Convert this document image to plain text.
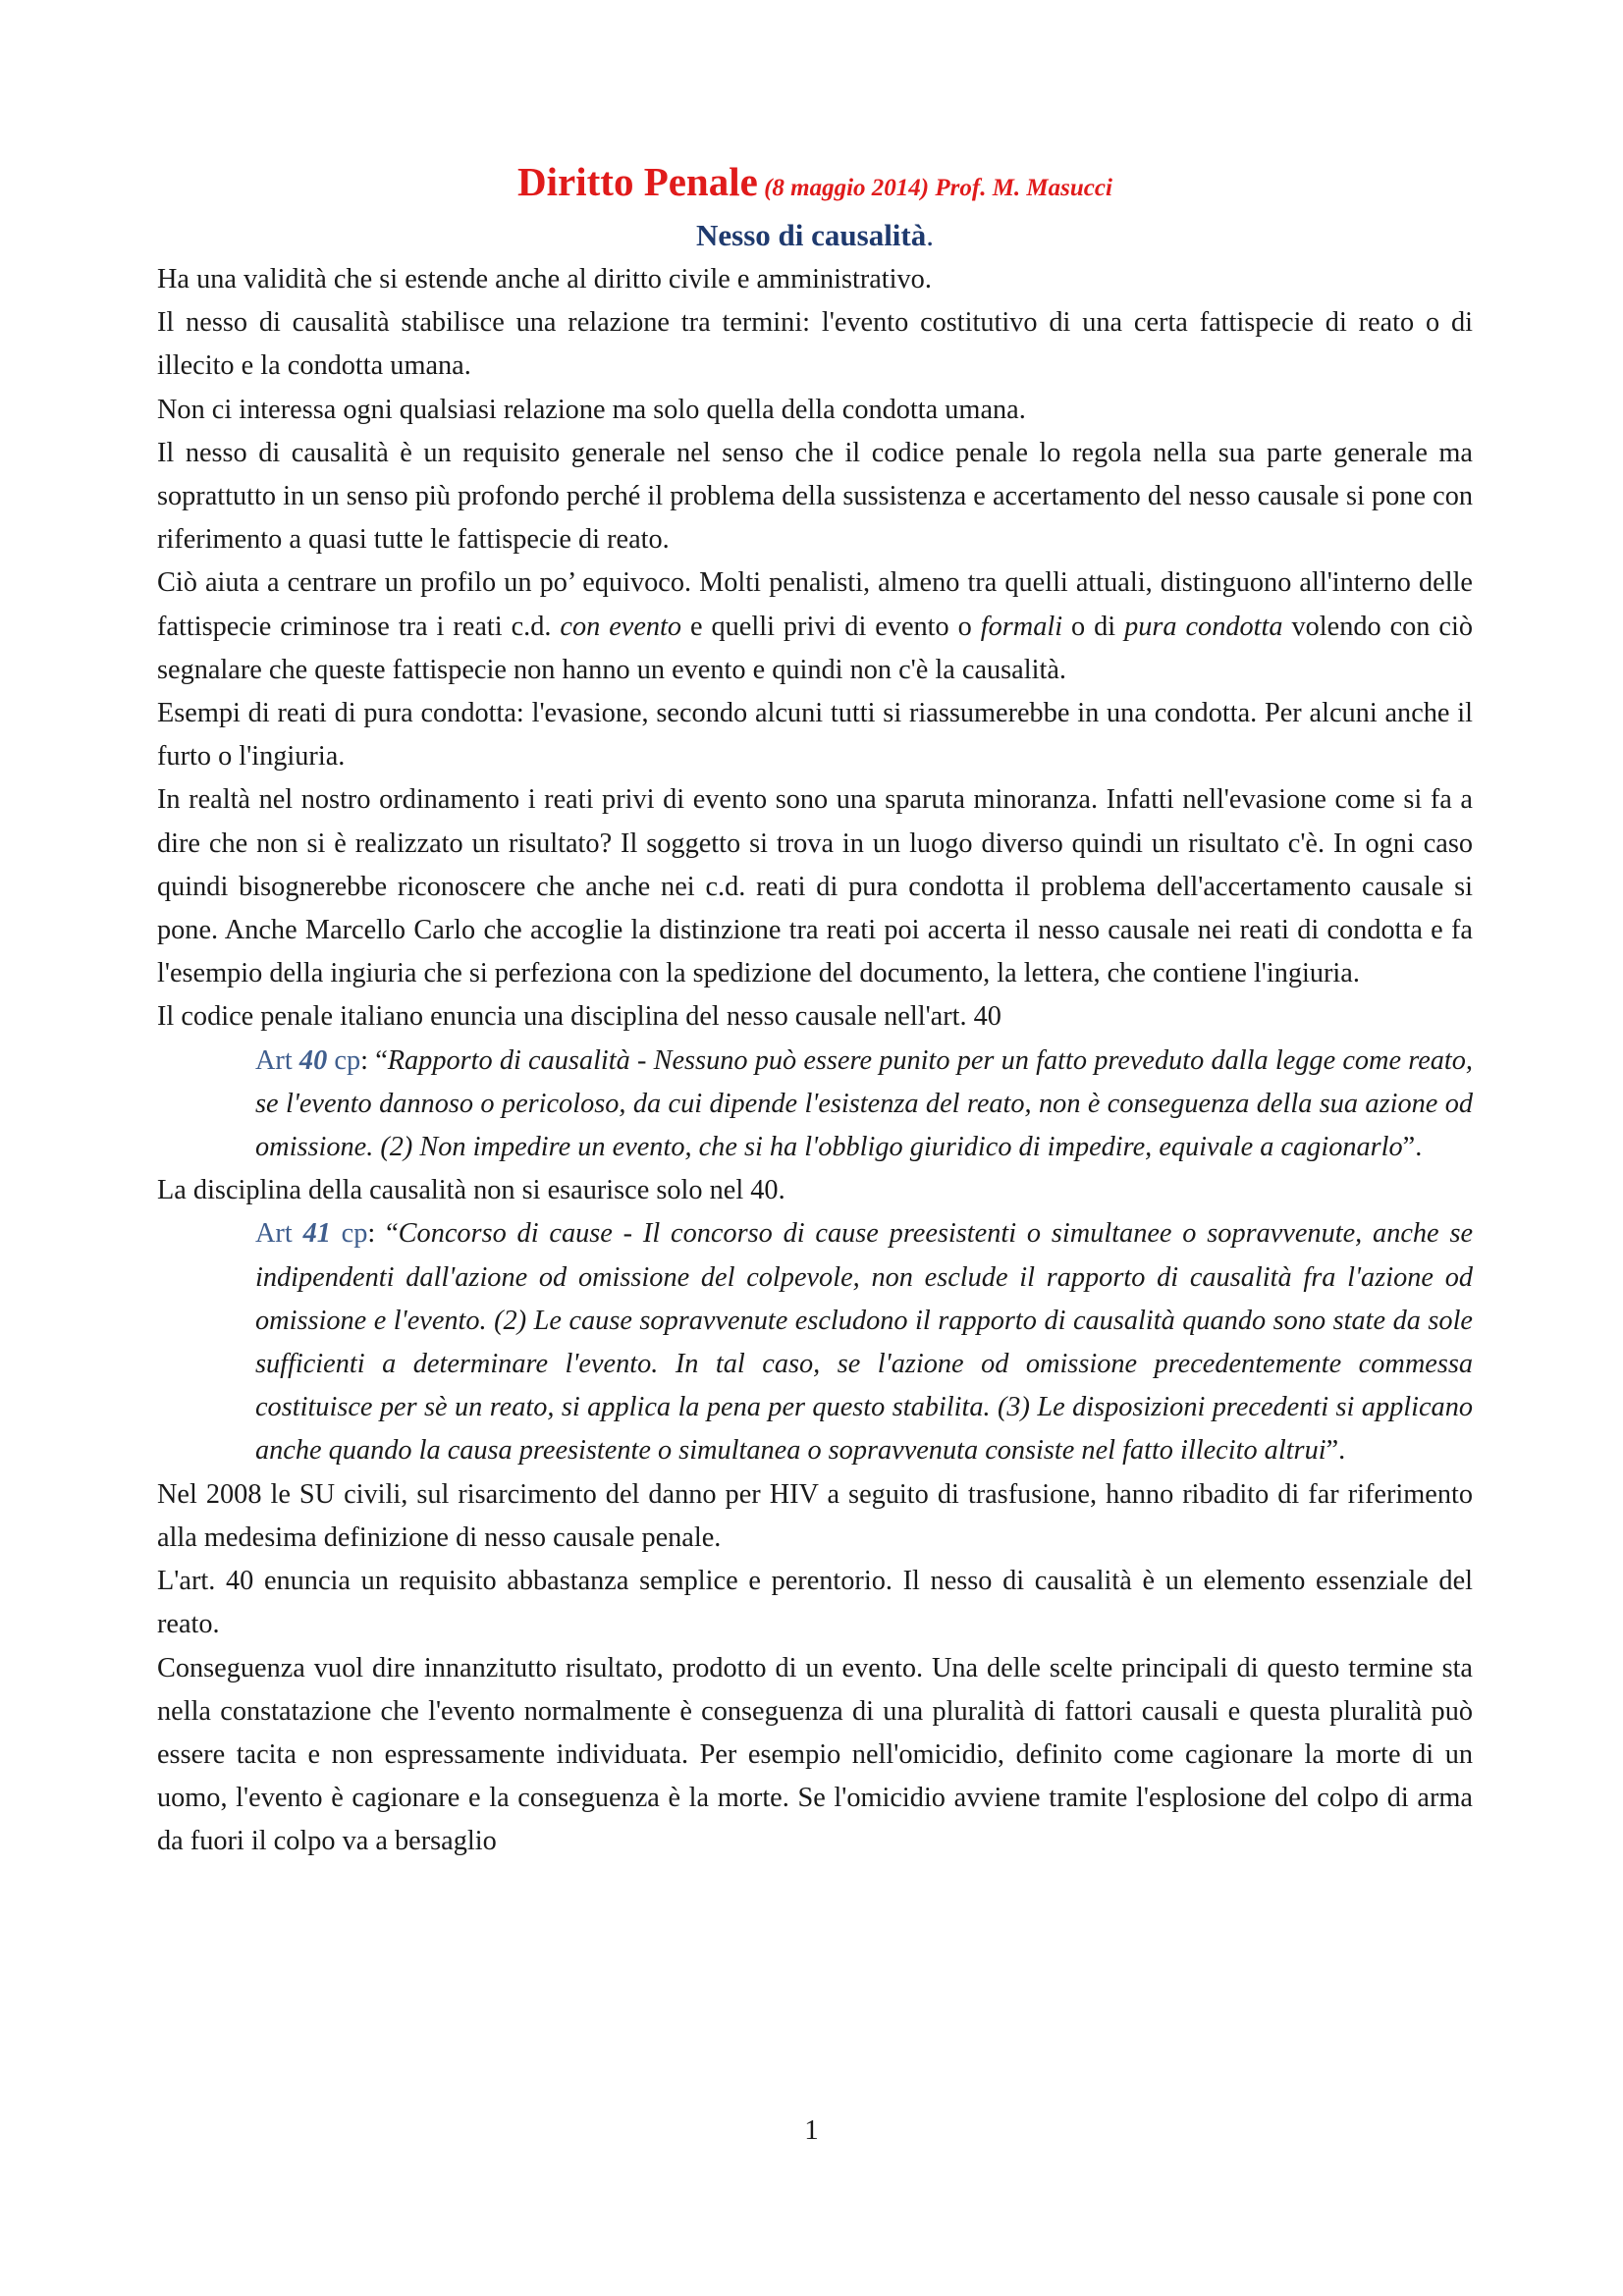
Diritto Penale (8 maggio 2014) Prof. M. Masucci
Nesso di causalità.

Ha una validità che si estende anche al diritto civile e amministrativo.

Il nesso di causalità stabilisce una relazione tra termini: l'evento costitutivo di una certa fattispecie di reato o di illecito e la condotta umana.

Non ci interessa ogni qualsiasi relazione ma solo quella della condotta umana.

Il nesso di causalità è un requisito generale nel senso che il codice penale lo regola nella sua parte generale ma soprattutto in un senso più profondo perché il problema della sussistenza e accertamento del nesso causale si pone con riferimento a quasi tutte le fattispecie di reato.

Ciò aiuta a centrare un profilo un po’ equivoco. Molti penalisti, almeno tra quelli attuali, distinguono all'interno delle fattispecie criminose tra i reati c.d. con evento e quelli privi di evento o formali o di pura condotta volendo con ciò segnalare che queste fattispecie non hanno un evento e quindi non c'è la causalità.

Esempi di reati di pura condotta: l'evasione, secondo alcuni tutti si riassumerebbe in una condotta. Per alcuni anche il furto o l'ingiuria.

In realtà nel nostro ordinamento i reati privi di evento sono una sparuta minoranza. Infatti nell'evasione come si fa a dire che non si è realizzato un risultato? Il soggetto si trova in un luogo diverso quindi un risultato c'è. In ogni caso quindi bisognerebbe riconoscere che anche nei c.d. reati di pura condotta il problema dell'accertamento causale si pone. Anche Marcello Carlo che accoglie la distinzione tra reati poi accerta il nesso causale nei reati di condotta e fa l'esempio della ingiuria che si perfeziona con la spedizione del documento, la lettera, che contiene l'ingiuria.

Il codice penale italiano enuncia una disciplina del nesso causale nell'art. 40

Art 40 cp: “Rapporto di causalità - Nessuno può essere punito per un fatto preveduto dalla legge come reato, se l'evento dannoso o pericoloso, da cui dipende l'esistenza del reato, non è conseguenza della sua azione od omissione. (2) Non impedire un evento, che si ha l'obbligo giuridico di impedire, equivale a cagionarlo”.

La disciplina della causalità non si esaurisce solo nel 40.

Art 41 cp: “Concorso di cause - Il concorso di cause preesistenti o simultanee o sopravvenute, anche se indipendenti dall'azione od omissione del colpevole, non esclude il rapporto di causalità fra l'azione od omissione e l'evento. (2) Le cause sopravvenute escludono il rapporto di causalità quando sono state da sole sufficienti a determinare l'evento. In tal caso, se l'azione od omissione precedentemente commessa costituisce per sè un reato, si applica la pena per questo stabilita. (3) Le disposizioni precedenti si applicano anche quando la causa preesistente o simultanea o sopravvenuta consiste nel fatto illecito altrui”.

Nel 2008 le SU civili, sul risarcimento del danno per HIV a seguito di trasfusione, hanno ribadito di far riferimento alla medesima definizione di nesso causale penale.

L'art. 40 enuncia un requisito abbastanza semplice e perentorio. Il nesso di causalità è un elemento essenziale del reato.

Conseguenza vuol dire innanzitutto risultato, prodotto di un evento. Una delle scelte principali di questo termine sta nella constatazione che l'evento normalmente è conseguenza di una pluralità di fattori causali e questa pluralità può essere tacita e non espressamente individuata. Per esempio nell'omicidio, definito come cagionare la morte di un uomo, l'evento è cagionare e la conseguenza è la morte. Se l'omicidio avviene tramite l'esplosione del colpo di arma da fuori il colpo va a bersaglio

1
